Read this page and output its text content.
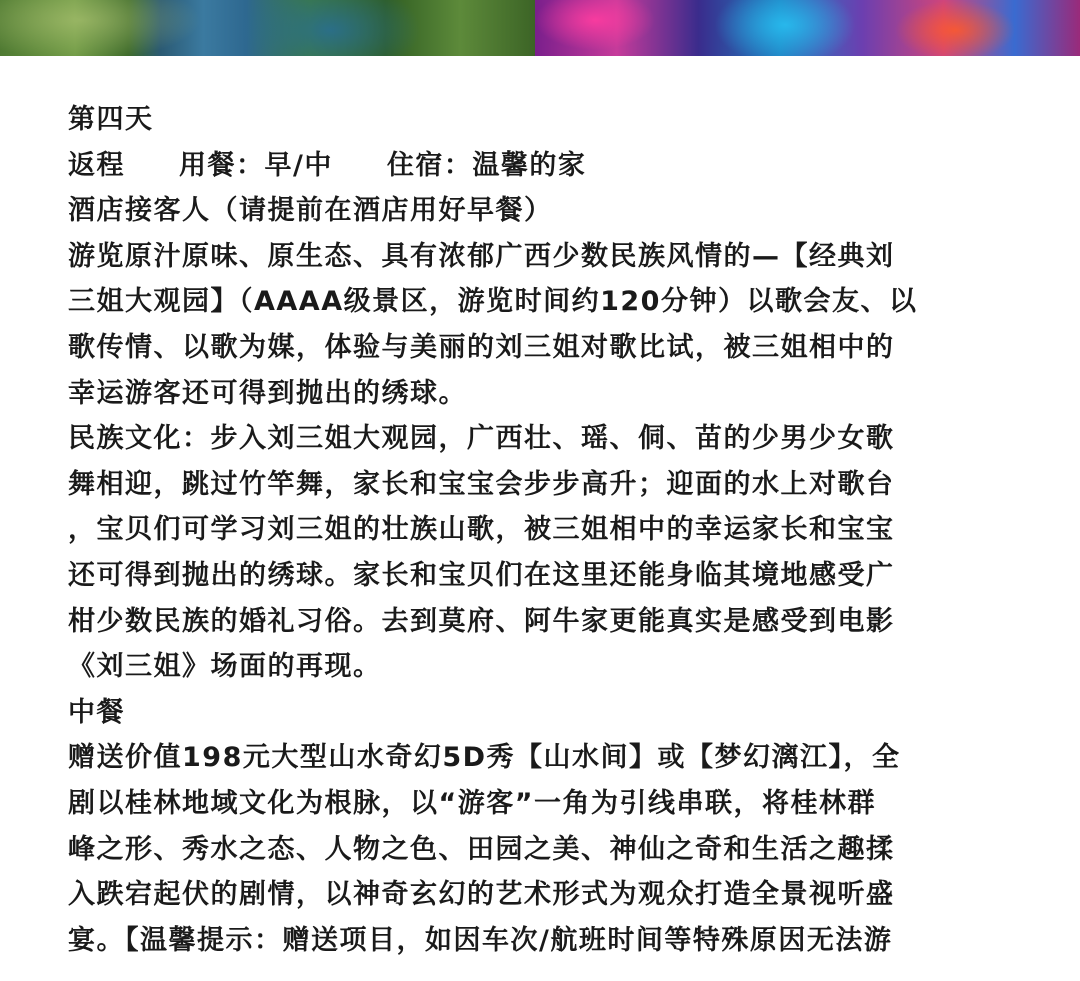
第四天

返程 用餐：早/中 住宿：温馨的家

酒店接客人（请提前在酒店用好早餐）

游览原汁原味、原生态、具有浓郁广西少数民族风情的—【经典刘

三姐大观园】（AAAA级景区，游览时间约120分钟）以歌会友、以

歌传情、以歌为媒，体验与美丽的刘三姐对歌比试，被三姐相中的

幸运游客还可得到抛出的绣球。

民族文化：步入刘三姐大观园，广西壮、瑶、侗、苗的少男少女歌

舞相迎，跳过竹竿舞，家长和宝宝会步步高升；迎面的水上对歌台

，宝贝们可学习刘三姐的壮族山歌，被三姐相中的幸运家长和宝宝

还可得到抛出的绣球。家长和宝贝们在这里还能身临其境地感受广

柑少数民族的婚礼习俗。去到莫府、阿牛家更能真实是感受到电影

《刘三姐》场面的再现。

中餐

赠送价值198元大型山水奇幻5D秀【山水间】或【梦幻漓江】，全

剧以桂林地域文化为根脉，以“游客”一角为引线串联，将桂林群

峰之形、秀水之态、人物之色、田园之美、神仙之奇和生活之趣揉

入跌宕起伏的剧情，以神奇玄幻的艺术形式为观众打造全景视听盛

宴。【温馨提示：赠送项目，如因车次/航班时间等特殊原因无法游
